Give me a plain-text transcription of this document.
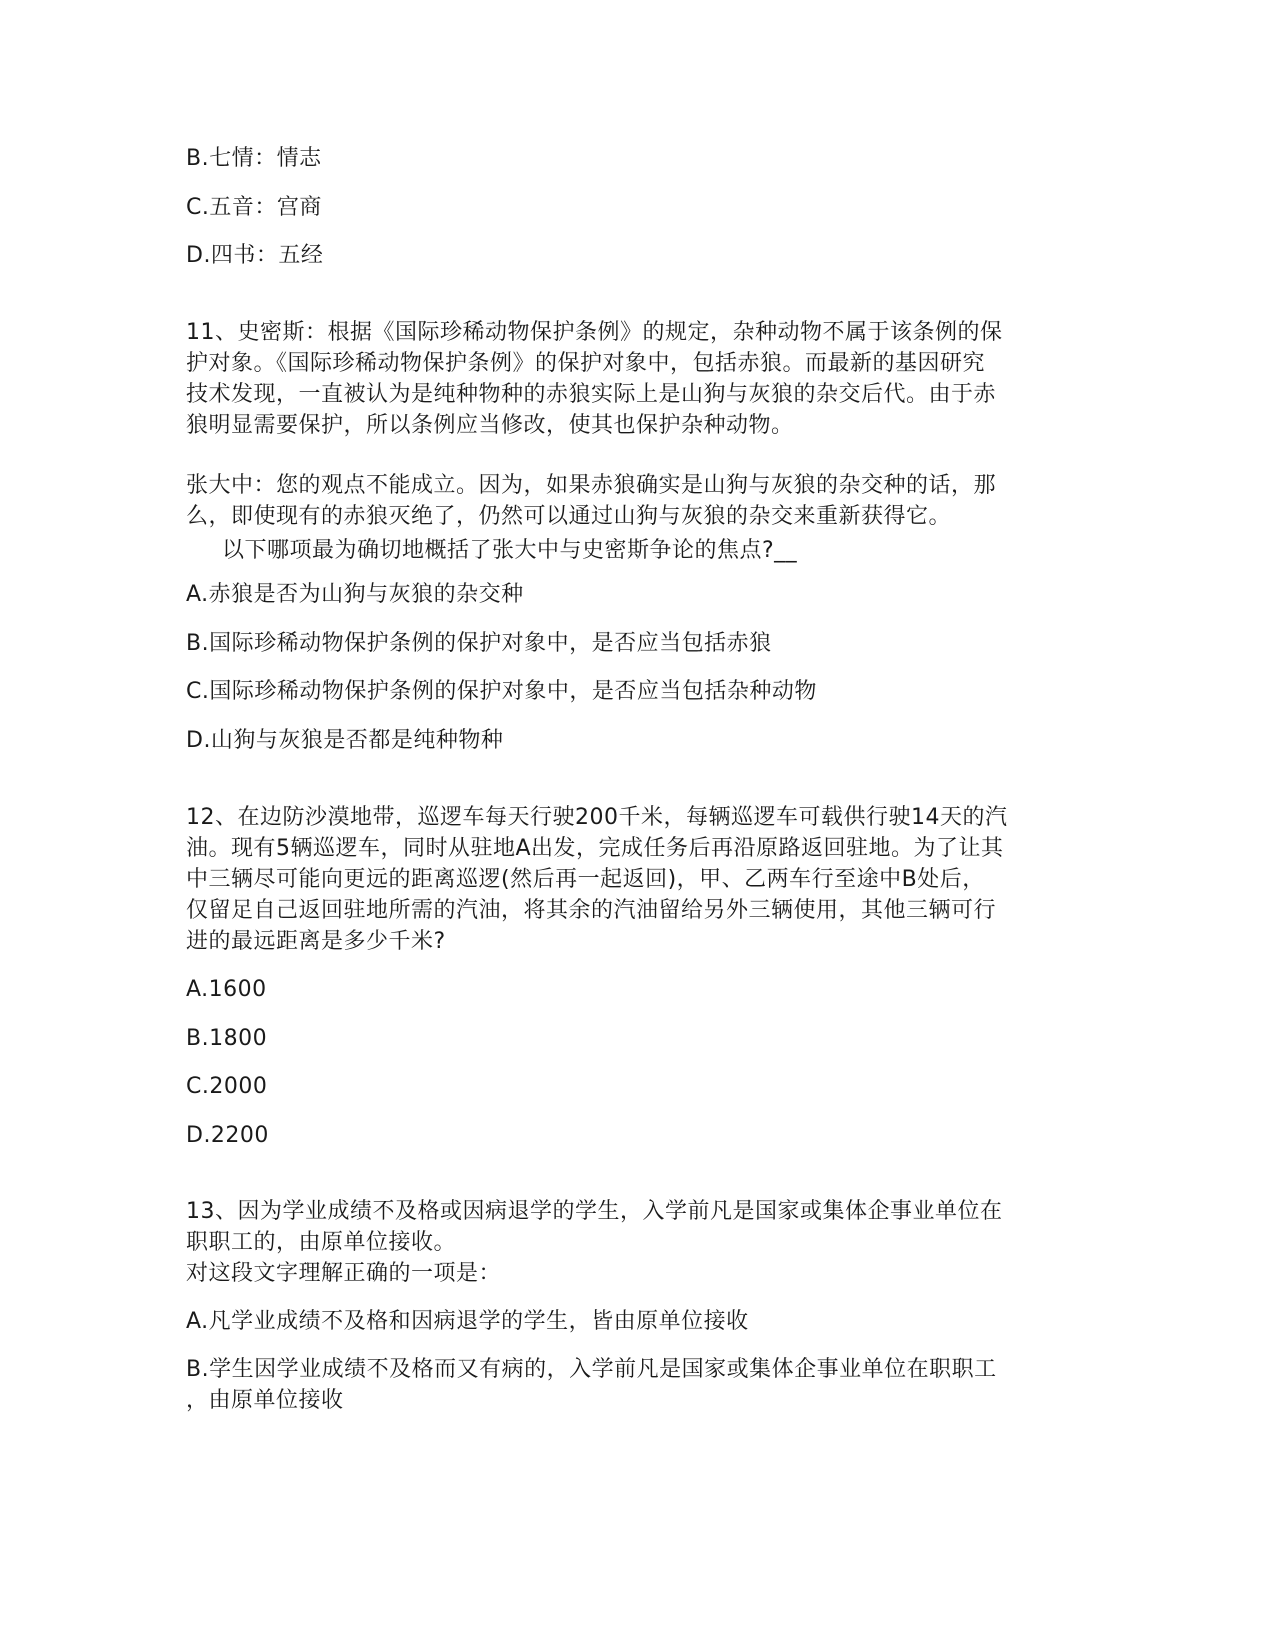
B.七情：情志
C.五音：宫商
D.四书：五经
11、史密斯：根据《国际珍稀动物保护条例》的规定，杂种动物不属于该条例的保
护对象。《国际珍稀动物保护条例》的保护对象中，包括赤狼。而最新的基因研究
技术发现，一直被认为是纯种物种的赤狼实际上是山狗与灰狼的杂交后代。由于赤
狼明显需要保护，所以条例应当修改，使其也保护杂种动物。
张大中：您的观点不能成立。因为，如果赤狼确实是山狗与灰狼的杂交种的话，那
么，即使现有的赤狼灭绝了，仍然可以通过山狗与灰狼的杂交来重新获得它。
以下哪项最为确切地概括了张大中与史密斯争论的焦点?__
A.赤狼是否为山狗与灰狼的杂交种
B.国际珍稀动物保护条例的保护对象中，是否应当包括赤狼
C.国际珍稀动物保护条例的保护对象中，是否应当包括杂种动物
D.山狗与灰狼是否都是纯种物种
12、在边防沙漠地带，巡逻车每天行驶200千米，每辆巡逻车可载供行驶14天的汽
油。现有5辆巡逻车，同时从驻地A出发，完成任务后再沿原路返回驻地。为了让其
中三辆尽可能向更远的距离巡逻(然后再一起返回)，甲、乙两车行至途中B处后，
仅留足自己返回驻地所需的汽油，将其余的汽油留给另外三辆使用，其他三辆可行
进的最远距离是多少千米?
A.1600
B.1800
C.2000
D.2200
13、因为学业成绩不及格或因病退学的学生，入学前凡是国家或集体企事业单位在
职职工的，由原单位接收。
对这段文字理解正确的一项是：
A.凡学业成绩不及格和因病退学的学生，皆由原单位接收
B.学生因学业成绩不及格而又有病的，入学前凡是国家或集体企事业单位在职职工
，由原单位接收
